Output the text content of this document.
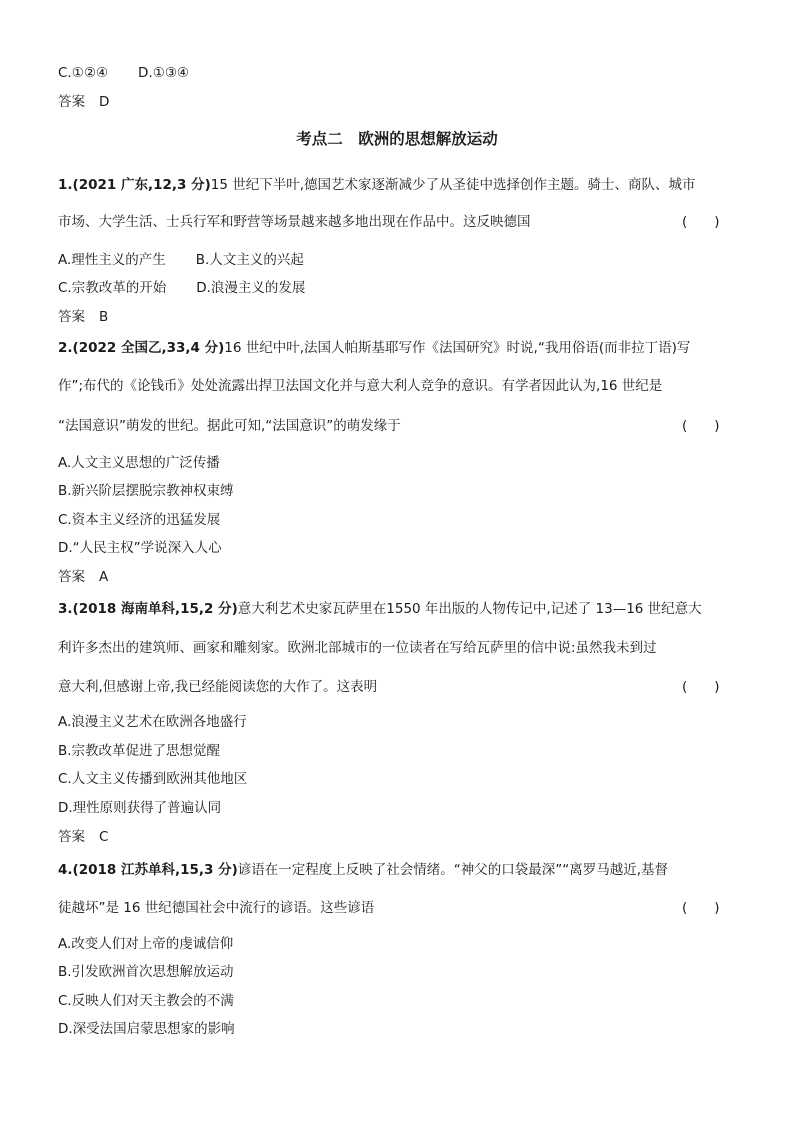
C.①②④ D.①③④
答案 D
考点二　欧洲的思想解放运动
1.(2021 广东,12,3 分)15 世纪下半叶,德国艺术家逐渐减少了从圣徒中选择创作主题。骑士、商队、城市
市场、大学生活、士兵行军和野营等场景越来越多地出现在作品中。这反映德国	(　　)
A.理性主义的产生 B.人文主义的兴起
C.宗教改革的开始 D.浪漫主义的发展
答案 B
2.(2022 全国乙,33,4 分)16 世纪中叶,法国人帕斯基耶写作《法国研究》时说,“我用俗语(而非拉丁语)写
作”;布代的《论钱币》处处流露出捍卫法国文化并与意大利人竞争的意识。有学者因此认为,16 世纪是
“法国意识”萌发的世纪。据此可知,“法国意识”的萌发缘于	(　　)
A.人文主义思想的广泛传播
B.新兴阶层摆脱宗教神权束缚
C.资本主义经济的迅猛发展
D.“人民主权”学说深入人心
答案 A
3.(2018 海南单科,15,2 分)意大利艺术史家瓦萨里在1550 年出版的人物传记中,记述了 13—16 世纪意大
利许多杰出的建筑师、画家和雕刻家。欧洲北部城市的一位读者在写给瓦萨里的信中说:虽然我未到过
意大利,但感谢上帝,我已经能阅读您的大作了。这表明	(　　)
A.浪漫主义艺术在欧洲各地盛行
B.宗教改革促进了思想觉醒
C.人文主义传播到欧洲其他地区
D.理性原则获得了普遍认同
答案 C
4.(2018 江苏单科,15,3 分)谚语在一定程度上反映了社会情绪。“神父的口袋最深”“离罗马越近,基督
徒越坏”是 16 世纪德国社会中流行的谚语。这些谚语	(　　)
A.改变人们对上帝的虔诚信仰
B.引发欧洲首次思想解放运动
C.反映人们对天主教会的不满
D.深受法国启蒙思想家的影响
